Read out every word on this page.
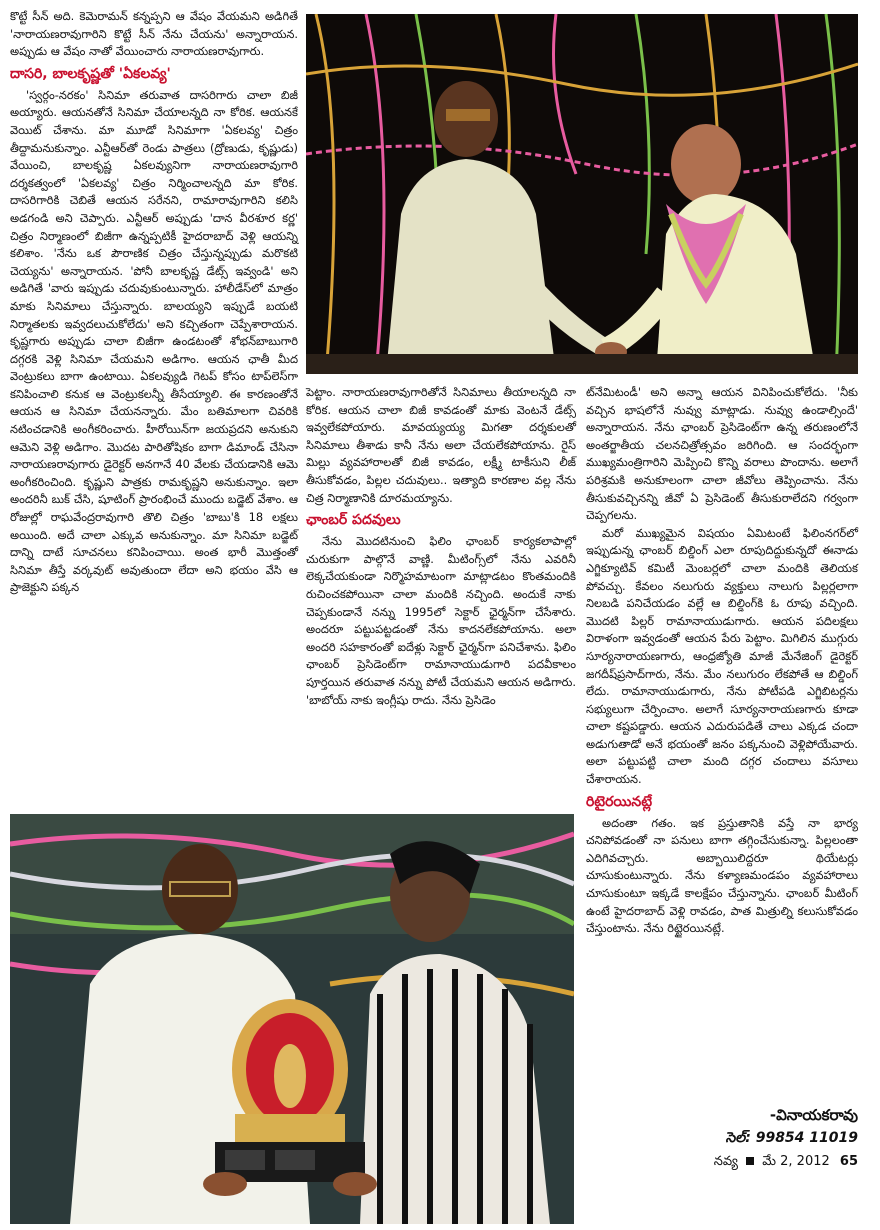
కొట్టే సీన్ అది. కెమెరామన్ కన్నప్పని ఆ వేషం వేయమని అడిగితే 'నారాయణరావుగారిని కొట్టే సీన్ నేను చేయను' అన్నారాయన. అప్పుడు ఆ వేషం నాతో వేయించారు నారాయణరావుగారు.

దాసరి, బాలకృష్ణతో 'ఏకలవ్య'

'స్వర్గం-నరకం' సినిమా తరువాత దాసరిగారు చాలా బిజీ అయ్యారు. ఆయనతోనే సినిమా చేయాలన్నది నా కోరిక. ఆయనకే వెయిట్ చేశాను. మా మూడో సినిమాగా 'ఏకలవ్య' చిత్రం తీద్దామనుకున్నాం. ఎన్టీఆర్‌తో రెండు పాత్రలు (ద్రోణుడు, కృష్ణుడు) వేయించి, బాలకృష్ణ ఏకలవ్యునిగా నారాయణరావుగారి దర్శకత్వంలో 'ఏకలవ్య' చిత్రం నిర్మించాలన్నది మా కోరిక. దాసరిగారికి చెబితే ఆయన సరేనని, రామారావుగారిని కలిసి అడగండి అని చెప్పారు. ఎన్టీఆర్ అప్పుడు 'దాన వీరశూర కర్ణ' చిత్రం నిర్మాణంలో బిజీగా ఉన్నప్పటికీ హైదరాబాద్ వెళ్లి ఆయన్ని కలిశాం. 'నేను ఒక పౌరాణిక చిత్రం చేస్తున్నప్పుడు మరొకటి చెయ్యను' అన్నారాయన. 'పోనీ బాలకృష్ణ డేట్స్ ఇవ్వండి' అని అడిగితే 'వారు ఇప్పుడు చదువుకుంటున్నారు. హాలీడేస్‌లో మాత్రం మాకు సినిమాలు చేస్తున్నారు. బాలయ్యని ఇప్పుడే బయటి నిర్మాతలకు ఇవ్వదలుచుకోలేదు' అని కచ్చితంగా చెప్పేశారాయన. కృష్ణగారు అప్పుడు చాలా బిజీగా ఉండటంతో శోభన్‌బాబుగారి దగ్గరకి వెళ్లి సినిమా చేయమని అడిగాం. ఆయన ఛాతీ మీద వెంట్రుకలు బాగా ఉంటాయి. ఏకలవ్యుడి గెటప్ కోసం టాప్‌లెస్‌గా కనిపించాలి కనుక ఆ వెంట్రుకలన్నీ తీసేయ్యాలి. ఈ కారణంతోనే ఆయన ఆ సినిమా చేయనన్నారు. మేం బతిమాలగా చివరికి నటించడానికి అంగీకరించారు. హీరోయిన్‌గా జయప్రదని అనుకుని ఆమెని వెళ్లి అడిగాం. మొదట పారితోషికం బాగా డిమాండ్ చేసినా నారాయణరావుగారు డైరెక్టర్ అనగానే 40 వేలకు చేయడానికి ఆమె అంగీకరించింది. కృష్ణుని పాత్రకు రామకృష్ణని అనుకున్నాం. ఇలా అందరినీ బుక్ చేసి, షూటింగ్ ప్రారంభించే ముందు బడ్జెట్ వేశాం. ఆ రోజుల్లో రాఘవేంద్రరావుగారి తొలి చిత్రం 'బాబు'కి 18 లక్షలు అయింది. అదే చాలా ఎక్కువ అనుకున్నాం. మా సినిమా బడ్జెట్ దాన్ని దాటే సూచనలు కనిపించాయి. అంత భారీ మొత్తంతో సినిమా తీస్తే వర్కవుట్ అవుతుందా లేదా అని భయం వేసి ఆ ప్రాజెక్టుని పక్కన

పెట్టాం. నారాయణరావుగారితోనే సినిమాలు తీయాలన్నది నా కోరిక. ఆయన చాలా బిజీ కావడంతో మాకు వెంటనే డేట్స్ ఇవ్వలేకపోయారు. మావయ్యయ్య మిగతా దర్శకులతో సినిమాలు తీశాడు కానీ నేను అలా చేయలేకపోయాను. రైస్ మిల్లు వ్యవహారాలతో బిజీ కావడం, లక్ష్మీ టాకీసుని లీజ్ తీసుకోవడం, పిల్లల చదువులు.. ఇత్యాది కారణాల వల్ల నేను చిత్ర నిర్మాణానికి దూరమయ్యాను.

ఛాంబర్ పదవులు

నేను మొదటినుంచి ఫిలిం ఛాంబర్ కార్యకలాపాల్లో చురుకుగా పాల్గొనే వాణ్ణి. మీటింగ్స్‌లో నేను ఎవరినీ లెక్కచేయకుండా నిర్మొహమాటంగా మాట్లాడటం కొంతమందికి రుచించకపోయినా చాలా మందికి నచ్చింది. అందుకే నాకు చెప్పకుండానే నన్ను 1995లో సెక్టార్ ఛైర్మన్‌గా చేసేశారు. అందరూ పట్టుపట్టడంతో నేను కాదనలేకపోయాను. అలా అందరి సహకారంతో ఐదేళ్లు సెక్టార్ ఛైర్మన్‌గా పనిచేశాను. ఫిలిం ఛాంబర్ ప్రెసిడెంట్‌గా రామానాయుడుగారి పదవీకాలం పూర్తయిన తరువాత నన్ను పోటీ చేయమని ఆయన అడిగారు. 'బాబోయ్ నాకు ఇంగ్లీషు రాదు. నేను ప్రెసిడెం

ట్‌నేమిటండీ' అని అన్నా ఆయన వినిపించుకోలేదు. 'నీకు వచ్చిన భాషలోనే నువ్వు మాట్లాడు. నువ్వు ఉండాల్సిందే' అన్నారాయన. నేను ఛాంబర్ ప్రెసిడెంట్‌గా ఉన్న తరుణంలోనే అంతర్జాతీయ చలనచిత్రోత్సవం జరిగింది. ఆ సందర్భంగా ముఖ్యమంత్రిగారిని మెప్పించి కొన్ని వరాలు పొందాను. అలాగే పరిశ్రమకి అనుకూలంగా చాలా జీవోలు తెప్పించాను. నేను తీసుకువచ్చినన్ని జీవో ఏ ప్రెసిడెంట్ తీసుకురాలేదని గర్వంగా చెప్పగలను.

మరో ముఖ్యమైన విషయం ఏమిటంటే ఫిలింనగర్‌లో ఇప్పుడున్న ఛాంబర్ బిల్డింగ్ ఎలా రూపుదిద్దుకున్నదో ఈనాడు ఎగ్జిక్యూటివ్ కమిటీ మెంబర్లలో చాలా మందికి తెలియక పోవచ్చు. కేవలం నలుగురు వ్యక్తులు నాలుగు పిల్లర్లలాగా నిలబడి పనిచేయడం వల్లే ఆ బిల్డింగ్‌కి ఓ రూపు వచ్చింది. మొదటి పిల్లర్ రామానాయుడుగారు. ఆయన పదిలక్షలు విరాళంగా ఇవ్వడంతో ఆయన పేరు పెట్టాం. మిగిలిన ముగ్గురు సూర్యనారాయణగారు, ఆంధ్రజ్యోతి మాజీ మేనేజింగ్ డైరెక్టర్ జగదీష్‌ప్రసాద్‌గారు, నేను. మేం నలుగురం లేకపోతే ఆ బిల్డింగ్ లేదు. రామానాయుడుగారు, నేను పోటీపడి ఎగ్జిబిటర్లను సభ్యులుగా చేర్పించాం. అలాగే సూర్యనారాయణగారు కూడా చాలా కష్టపడ్డారు. ఆయన ఎదురుపడితే చాలు ఎక్కడ చందా అడుగుతాడో అనే భయంతో జనం పక్కనుంచి వెళ్లిపోయేవారు. అలా పట్టుపట్టి చాలా మంది దగ్గర చందాలు వసూలు చేశారాయన.

రిటైరయినట్లే

అదంతా గతం. ఇక ప్రస్తుతానికి వస్తే నా భార్య చనిపోవడంతో నా పనులు బాగా తగ్గించేసుకున్నా. పిల్లలంతా ఎదిగివచ్చారు. అబ్బాయిలిద్దరూ థియేటర్లు చూసుకుంటున్నారు. నేను కళ్యాణమండపం వ్యవహారాలు చూసుకుంటూ ఇక్కడే కాలక్షేపం చేస్తున్నాను. ఛాంబర్ మీటింగ్ ఉంటే హైదరాబాద్ వెళ్లి రావడం, పాత మిత్రుల్ని కలుసుకోవడం చేస్తుంటాను. నేను రిట్టైరయినట్లే.

-వినాయకరావు
సెల్: 99854 11019
నవ్య మే 2, 2012 65
